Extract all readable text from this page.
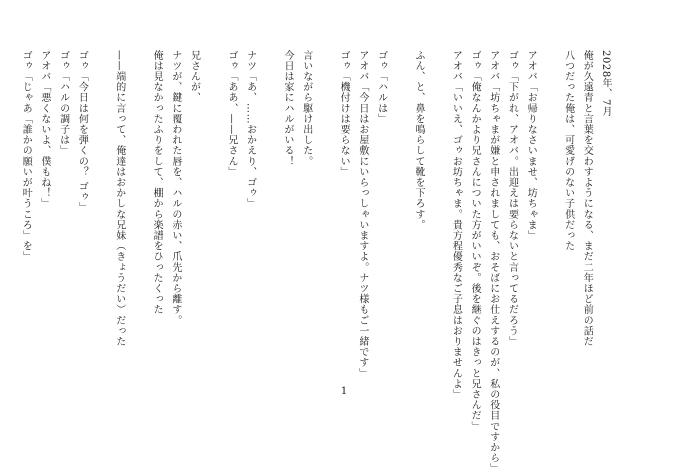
2028年、7月
俺が久遠青と言葉を交わすようになる、まだ二年ほど前の話だ
八つだった俺は、可愛げのない子供だった

アオバ「お帰りなさいませ、坊ちゃま」
ゴゥ「下がれ、アオバ。出迎えは要らないと言ってるだろう」
アオバ「坊ちゃまが嫌と申されましても、おそばにお仕えするのが、私の役目ですから」
ゴゥ「俺なんかより兄さんについた方がいいぞ。後を継ぐのはきっと兄さんだ」
アオバ「いいえ、ゴゥお坊ちゃま。貴方程優秀なご子息はおりませんよ」

ふん、と、鼻を鳴らして靴を下ろす。

ゴゥ「ハルは」
アオバ「今日はお屋敷にいらっしゃいますよ。ナツ様もご一緒です」
ゴゥ「機付けは要らない」

言いながら駆け出した。
今日は家にハルがいる！

ナツ「あ、……おかえり、ゴゥ」
ゴゥ「ああ、——兄さん」

兄さんが、
ナツが、鍵に覆われた唇を、ハルの赤い、爪先から離す。
俺は見なかったふりをして、棚から楽譜をひったくった

——端的に言って、俺達はおかしな兄妹（きょうだい）だった

ゴゥ「今日は何を弾くの？ ゴゥ」
ゴゥ「ハルの調子は」
アオバ「悪くないよ、僕もね！」
ゴゥ「じゃあ「誰かの願いが叶うころ」を」

1
